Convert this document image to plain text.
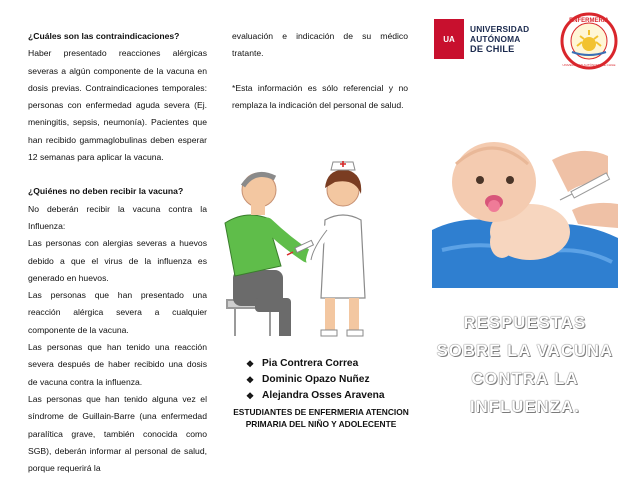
¿Cuáles son las contraindicaciones?

Haber presentado reacciones alérgicas severas a algún componente de la vacuna en dosis previas. Contraindicaciones temporales: personas con enfermedad aguda severa (Ej. meningitis, sepsis, neumonía). Pacientes que han recibido gammaglobulinas deben esperar 12 semanas para aplicar la vacuna.

¿Quiénes no deben recibir la vacuna?

No deberán recibir la vacuna contra la Influenza:

Las personas con alergias severas a huevos debido a que el virus de la influenza es generado en huevos.

Las personas que han presentado una reacción alérgica severa a cualquier componente de la vacuna.

Las personas que han tenido una reacción severa después de haber recibido una dosis de vacuna contra la influenza.

Las personas que han tenido alguna vez el síndrome de Guillain-Barre (una enfermedad paralítica grave, también conocida como SGB), deberán informar al personal de salud, porque requerirá la

evaluación e indicación de su médico tratante.

*Esta información es sólo referencial y no remplaza la indicación del personal de salud.

❖ Pia Contrera Correa
❖ Dominic Opazo Nuñez
❖ Alejandra Osses Aravena

ESTUDIANTES DE ENFERMERIA ATENCION PRIMARIA DEL NIÑO Y ADOLECENTE

UA
UNIVERSIDAD
AUTÓNOMA
DE CHILE
ENFERMERIA
UNIVERSIDAD AUTÓNOMA DE CHILE
RESPUESTAS
SOBRE LA VACUNA
CONTRA LA
INFLUENZA.
